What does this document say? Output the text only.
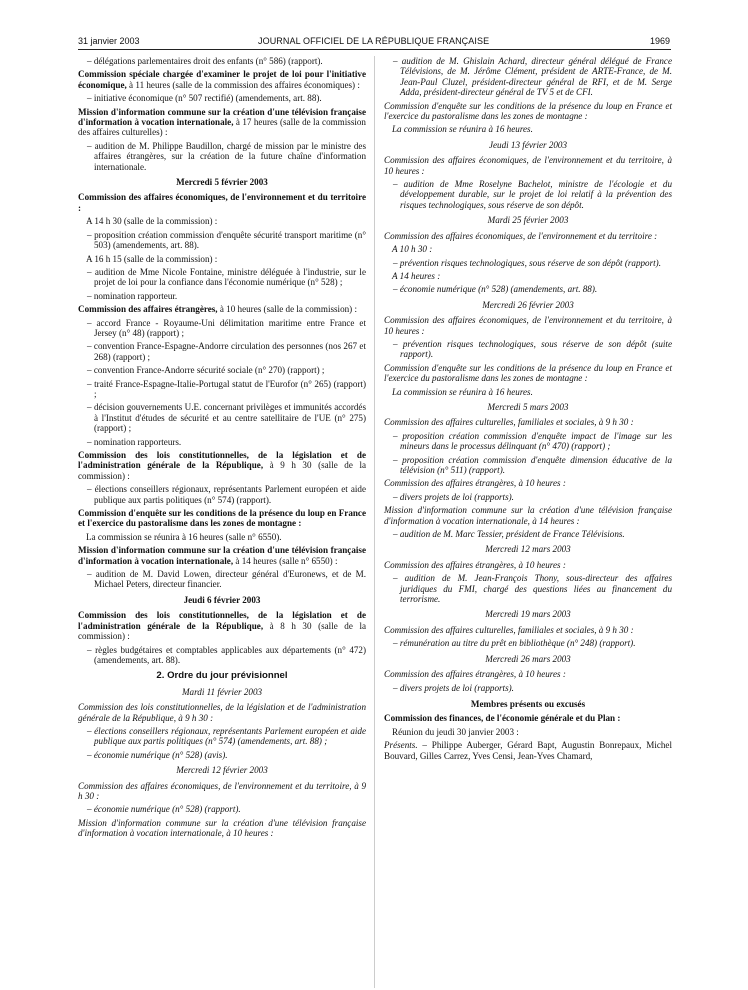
31 janvier 2003	JOURNAL OFFICIEL DE LA RÉPUBLIQUE FRANÇAISE	1969

– délégations parlementaires droit des enfants (n° 586) (rapport).

Commission spéciale chargée d'examiner le projet de loi pour l'initiative économique, à 11 heures (salle de la commission des affaires économiques) :

– initiative économique (n° 507 rectifié) (amendements, art. 88).

Mission d'information commune sur la création d'une télévision française d'information à vocation internationale, à 17 heures (salle de la commission des affaires culturelles) :

– audition de M. Philippe Baudillon, chargé de mission par le ministre des affaires étrangères, sur la création de la future chaîne d'information internationale.

Mercredi 5 février 2003

Commission des affaires économiques, de l'environnement et du territoire :

A 14 h 30 (salle de la commission) :

– proposition création commission d'enquête sécurité transport maritime (n° 503) (amendements, art. 88).

A 16 h 15 (salle de la commission) :

– audition de Mme Nicole Fontaine, ministre déléguée à l'industrie, sur le projet de loi pour la confiance dans l'économie numérique (n° 528) ;

– nomination rapporteur.

Commission des affaires étrangères, à 10 heures (salle de la commission) :

– accord France - Royaume-Uni délimitation maritime entre France et Jersey (n° 48) (rapport) ;

– convention France-Espagne-Andorre circulation des personnes (nos 267 et 268) (rapport) ;

– convention France-Andorre sécurité sociale (n° 270) (rapport) ;

– traité France-Espagne-Italie-Portugal statut de l'Eurofor (n° 265) (rapport) ;

– décision gouvernements U.E. concernant privilèges et immunités accordés à l'Institut d'études de sécurité et au centre satellitaire de l'UE (n° 275) (rapport) ;

– nomination rapporteurs.

Commission des lois constitutionnelles, de la législation et de l'administration générale de la République, à 9 h 30 (salle de la commission) :

– élections conseillers régionaux, représentants Parlement européen et aide publique aux partis politiques (n° 574) (rapport).

Commission d'enquête sur les conditions de la présence du loup en France et l'exercice du pastoralisme dans les zones de montagne :

La commission se réunira à 16 heures (salle n° 6550).

Mission d'information commune sur la création d'une télévision française d'information à vocation internationale, à 14 heures (salle n° 6550) :

– audition de M. David Lowen, directeur général d'Euronews, et de M. Michael Peters, directeur financier.

Jeudi 6 février 2003

Commission des lois constitutionnelles, de la législation et de l'administration générale de la République, à 8 h 30 (salle de la commission) :

– règles budgétaires et comptables applicables aux départements (n° 472) (amendements, art. 88).

2. Ordre du jour prévisionnel

Mardi 11 février 2003

Commission des lois constitutionnelles, de la législation et de l'administration générale de la République, à 9 h 30 :

– élections conseillers régionaux, représentants Parlement européen et aide publique aux partis politiques (n° 574) (amendements, art. 88) ;

– économie numérique (n° 528) (avis).

Mercredi 12 février 2003

Commission des affaires économiques, de l'environnement et du territoire, à 9 h 30 :

– économie numérique (n° 528) (rapport).

Mission d'information commune sur la création d'une télévision française d'information à vocation internationale, à 10 heures :

– audition de M. Ghislain Achard, directeur général délégué de France Télévisions, de M. Jérôme Clément, président de ARTE-France, de M. Jean-Paul Cluzel, président-directeur général de RFI, et de M. Serge Adda, président-directeur général de TV 5 et de CFI.

Commission d'enquête sur les conditions de la présence du loup en France et l'exercice du pastoralisme dans les zones de montagne :

La commission se réunira à 16 heures.

Jeudi 13 février 2003

Commission des affaires économiques, de l'environnement et du territoire, à 10 heures :

– audition de Mme Roselyne Bachelot, ministre de l'écologie et du développement durable, sur le projet de loi relatif à la prévention des risques technologiques, sous réserve de son dépôt.

Mardi 25 février 2003

Commission des affaires économiques, de l'environnement et du territoire :

A 10 h 30 :

– prévention risques technologiques, sous réserve de son dépôt (rapport).

A 14 heures :

– économie numérique (n° 528) (amendements, art. 88).

Mercredi 26 février 2003

Commission des affaires économiques, de l'environnement et du territoire, à 10 heures :

– prévention risques technologiques, sous réserve de son dépôt (suite rapport).

Commission d'enquête sur les conditions de la présence du loup en France et l'exercice du pastoralisme dans les zones de montagne :

La commission se réunira à 16 heures.

Mercredi 5 mars 2003

Commission des affaires culturelles, familiales et sociales, à 9 h 30 :

– proposition création commission d'enquête impact de l'image sur les mineurs dans le processus délinquant (n° 470) (rapport) ;

– proposition création commission d'enquête dimension éducative de la télévision (n° 511) (rapport).

Commission des affaires étrangères, à 10 heures :

– divers projets de loi (rapports).

Mission d'information commune sur la création d'une télévision française d'information à vocation internationale, à 14 heures :

– audition de M. Marc Tessier, président de France Télévisions.

Mercredi 12 mars 2003

Commission des affaires étrangères, à 10 heures :

– audition de M. Jean-François Thony, sous-directeur des affaires juridiques du FMI, chargé des questions liées au financement du terrorisme.

Mercredi 19 mars 2003

Commission des affaires culturelles, familiales et sociales, à 9 h 30 :

– rémunération au titre du prêt en bibliothèque (n° 248) (rapport).

Mercredi 26 mars 2003

Commission des affaires étrangères, à 10 heures :

– divers projets de loi (rapports).

Membres présents ou excusés

Commission des finances, de l'économie générale et du Plan :

Réunion du jeudi 30 janvier 2003 :

Présents. – Philippe Auberger, Gérard Bapt, Augustin Bonrepaux, Michel Bouvard, Gilles Carrez, Yves Censi, Jean-Yves Chamard,
